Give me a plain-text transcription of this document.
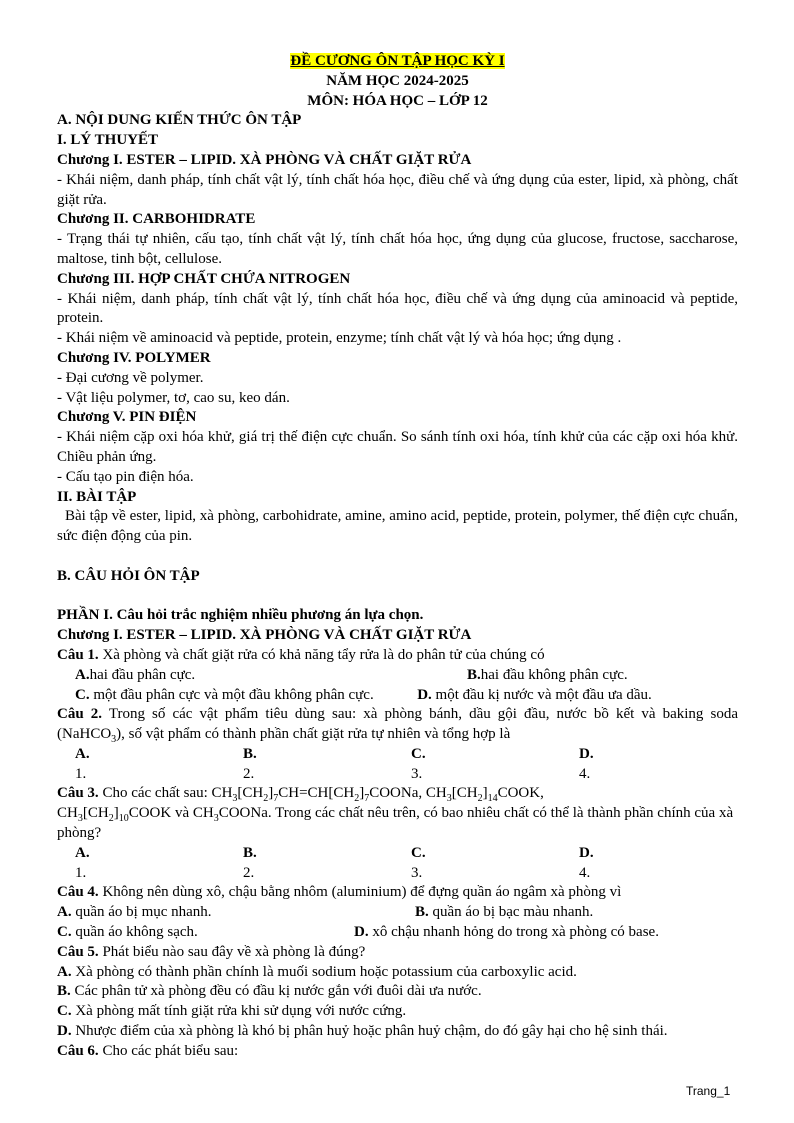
ĐỀ CƯƠNG ÔN TẬP HỌC KỲ I
NĂM HỌC 2024-2025
MÔN: HÓA HỌC – LỚP 12
A. NỘI DUNG KIẾN THỨC ÔN TẬP
I. LÝ THUYẾT
Chương I. ESTER – LIPID. XÀ PHÒNG VÀ CHẤT GIẶT RỬA
- Khái niệm, danh pháp, tính chất vật lý, tính chất hóa học, điều chế và ứng dụng của ester, lipid, xà phòng, chất giặt rửa.
Chương II. CARBOHIDRATE
- Trạng thái tự nhiên, cấu tạo, tính chất vật lý, tính chất hóa học, ứng dụng của glucose, fructose, saccharose, maltose, tinh bột, cellulose.
Chương III. HỢP CHẤT CHỨA NITROGEN
- Khái niệm, danh pháp, tính chất vật lý, tính chất hóa học, điều chế và ứng dụng của aminoacid và peptide, protein.
- Khái niệm về aminoacid và peptide, protein, enzyme; tính chất vật lý và hóa học; ứng dụng .
Chương IV. POLYMER
- Đại cương về polymer.
- Vật liệu polymer, tơ, cao su, keo dán.
Chương V. PIN ĐIỆN
- Khái niệm cặp oxi hóa khử, giá trị thế điện cực chuẩn. So sánh tính oxi hóa, tính khử của các cặp oxi hóa khử. Chiều phản ứng.
- Cấu tạo pin điện hóa.
II. BÀI TẬP
Bài tập về ester, lipid, xà phòng, carbohidrate, amine, amino acid, peptide, protein, polymer, thế điện cực chuẩn, sức điện động của pin.
B. CÂU HỎI ÔN TẬP
PHẦN I. Câu hỏi trắc nghiệm nhiều phương án lựa chọn.
Chương I. ESTER – LIPID. XÀ PHÒNG VÀ CHẤT GIẶT RỬA
Câu 1. Xà phòng và chất giặt rửa có khả năng tẩy rửa là do phân tử của chúng có
A.hai đầu phân cực.	B.hai đầu không phân cực.
C. một đầu phân cực và một đầu không phân cực.	D. một đầu kị nước và một đầu ưa dầu.
Câu 2. Trong số các vật phẩm tiêu dùng sau: xà phòng bánh, dầu gội đầu, nước bồ kết và baking soda (NaHCO$_3$), số vật phẩm có thành phần chất giặt rửa tự nhiên và tổng hợp là
A.1.
B.2.
C.3.
D.4.
Câu 3. Cho các chất sau: $CH_3[CH_2]_7CH=CH[CH_2]_7COONa$, $CH_3[CH_2]_{14}COOK$,
$CH_3[CH_2]_{10}COOK$ và $CH_3COONa$. Trong các chất nêu trên, có bao nhiêu chất có thể là thành phần chính của xà phòng?
A.1.
B.2.
C.3.
D.4.
Câu 4. Không nên dùng xô, chậu bằng nhôm (aluminium) để đựng quần áo ngâm xà phòng vì
A. quần áo bị mục nhanh.	B. quần áo bị bạc màu nhanh.
C. quần áo không sạch.	D. xô chậu nhanh hỏng do trong xà phòng có base.
Câu 5. Phát biểu nào sau đây về xà phòng là đúng?
A. Xà phòng có thành phần chính là muối sodium hoặc potassium của carboxylic acid.
B. Các phân tử xà phòng đều có đầu kị nước gắn với đuôi dài ưa nước.
C. Xà phòng mất tính giặt rửa khi sử dụng với nước cứng.
D. Nhược điểm của xà phòng là khó bị phân huỷ hoặc phân huỷ chậm, do đó gây hại cho hệ sinh thái.
Câu 6. Cho các phát biểu sau:
Trang_1
